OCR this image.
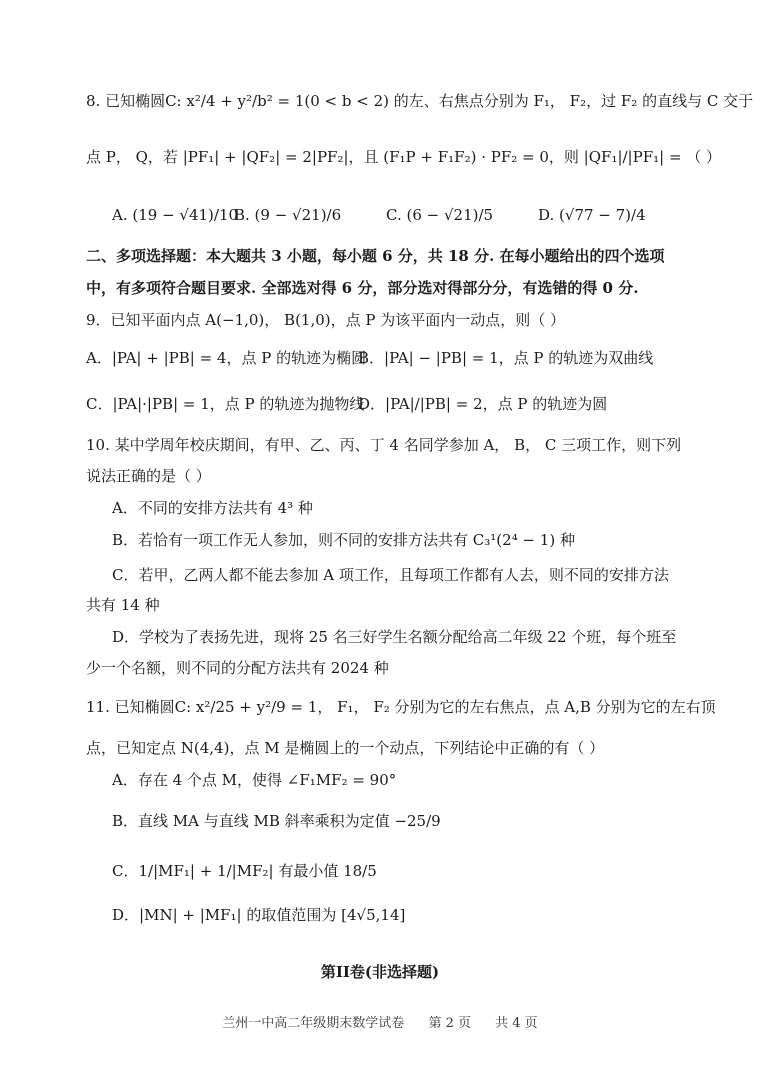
8. 已知椭圆C: x²/4 + y²/b² = 1(0 < b < 2) 的左、右焦点分别为 F₁， F₂，过 F₂ 的直线与 C 交于
点 P， Q，若 |PF₁| + |QF₂| = 2|PF₂|，且 (F₁P + F₁F₂) · PF₂ = 0，则 |QF₁|/|PF₁| = （ ）
A. (19 − √41)/10
B. (9 − √21)/6	C. (6 − √21)/5	D. (√77 − 7)/4
二、多项选择题：本大题共 3 小题，每小题 6 分，共 18 分. 在每小题给出的四个选项
中，有多项符合题目要求. 全部选对得 6 分，部分选对得部分分，有选错的得 0 分.
9．已知平面内点 A(−1,0)， B(1,0)，点 P 为该平面内一动点，则（ ）
A．|PA| + |PB| = 4，点 P 的轨迹为椭圆
B．|PA| − |PB| = 1，点 P 的轨迹为双曲线
C．|PA|·|PB| = 1，点 P 的轨迹为抛物线
D．|PA|/|PB| = 2，点 P 的轨迹为圆
10. 某中学周年校庆期间，有甲、乙、丙、丁 4 名同学参加 A， B， C 三项工作，则下列
说法正确的是（ ）
A．不同的安排方法共有 4³ 种
B．若恰有一项工作无人参加，则不同的安排方法共有 C₃¹(2⁴ − 1) 种
C．若甲，乙两人都不能去参加 A 项工作，且每项工作都有人去，则不同的安排方法
共有 14 种
D．学校为了表扬先进，现将 25 名三好学生名额分配给高二年级 22 个班，每个班至
少一个名额，则不同的分配方法共有 2024 种
11. 已知椭圆C: x²/25 + y²/9 = 1， F₁， F₂ 分别为它的左右焦点，点 A,B 分别为它的左右顶
点，已知定点 N(4,4)，点 M 是椭圆上的一个动点，下列结论中正确的有（ ）
A．存在 4 个点 M，使得 ∠F₁MF₂ = 90°
B．直线 MA 与直线 MB 斜率乘积为定值 −25/9
C．1/|MF₁| + 1/|MF₂| 有最小值 18/5
D．|MN| + |MF₁| 的取值范围为 [4√5,14]
第II卷(非选择题)
兰州一中高二年级期末数学试卷 第 2 页 共 4 页
